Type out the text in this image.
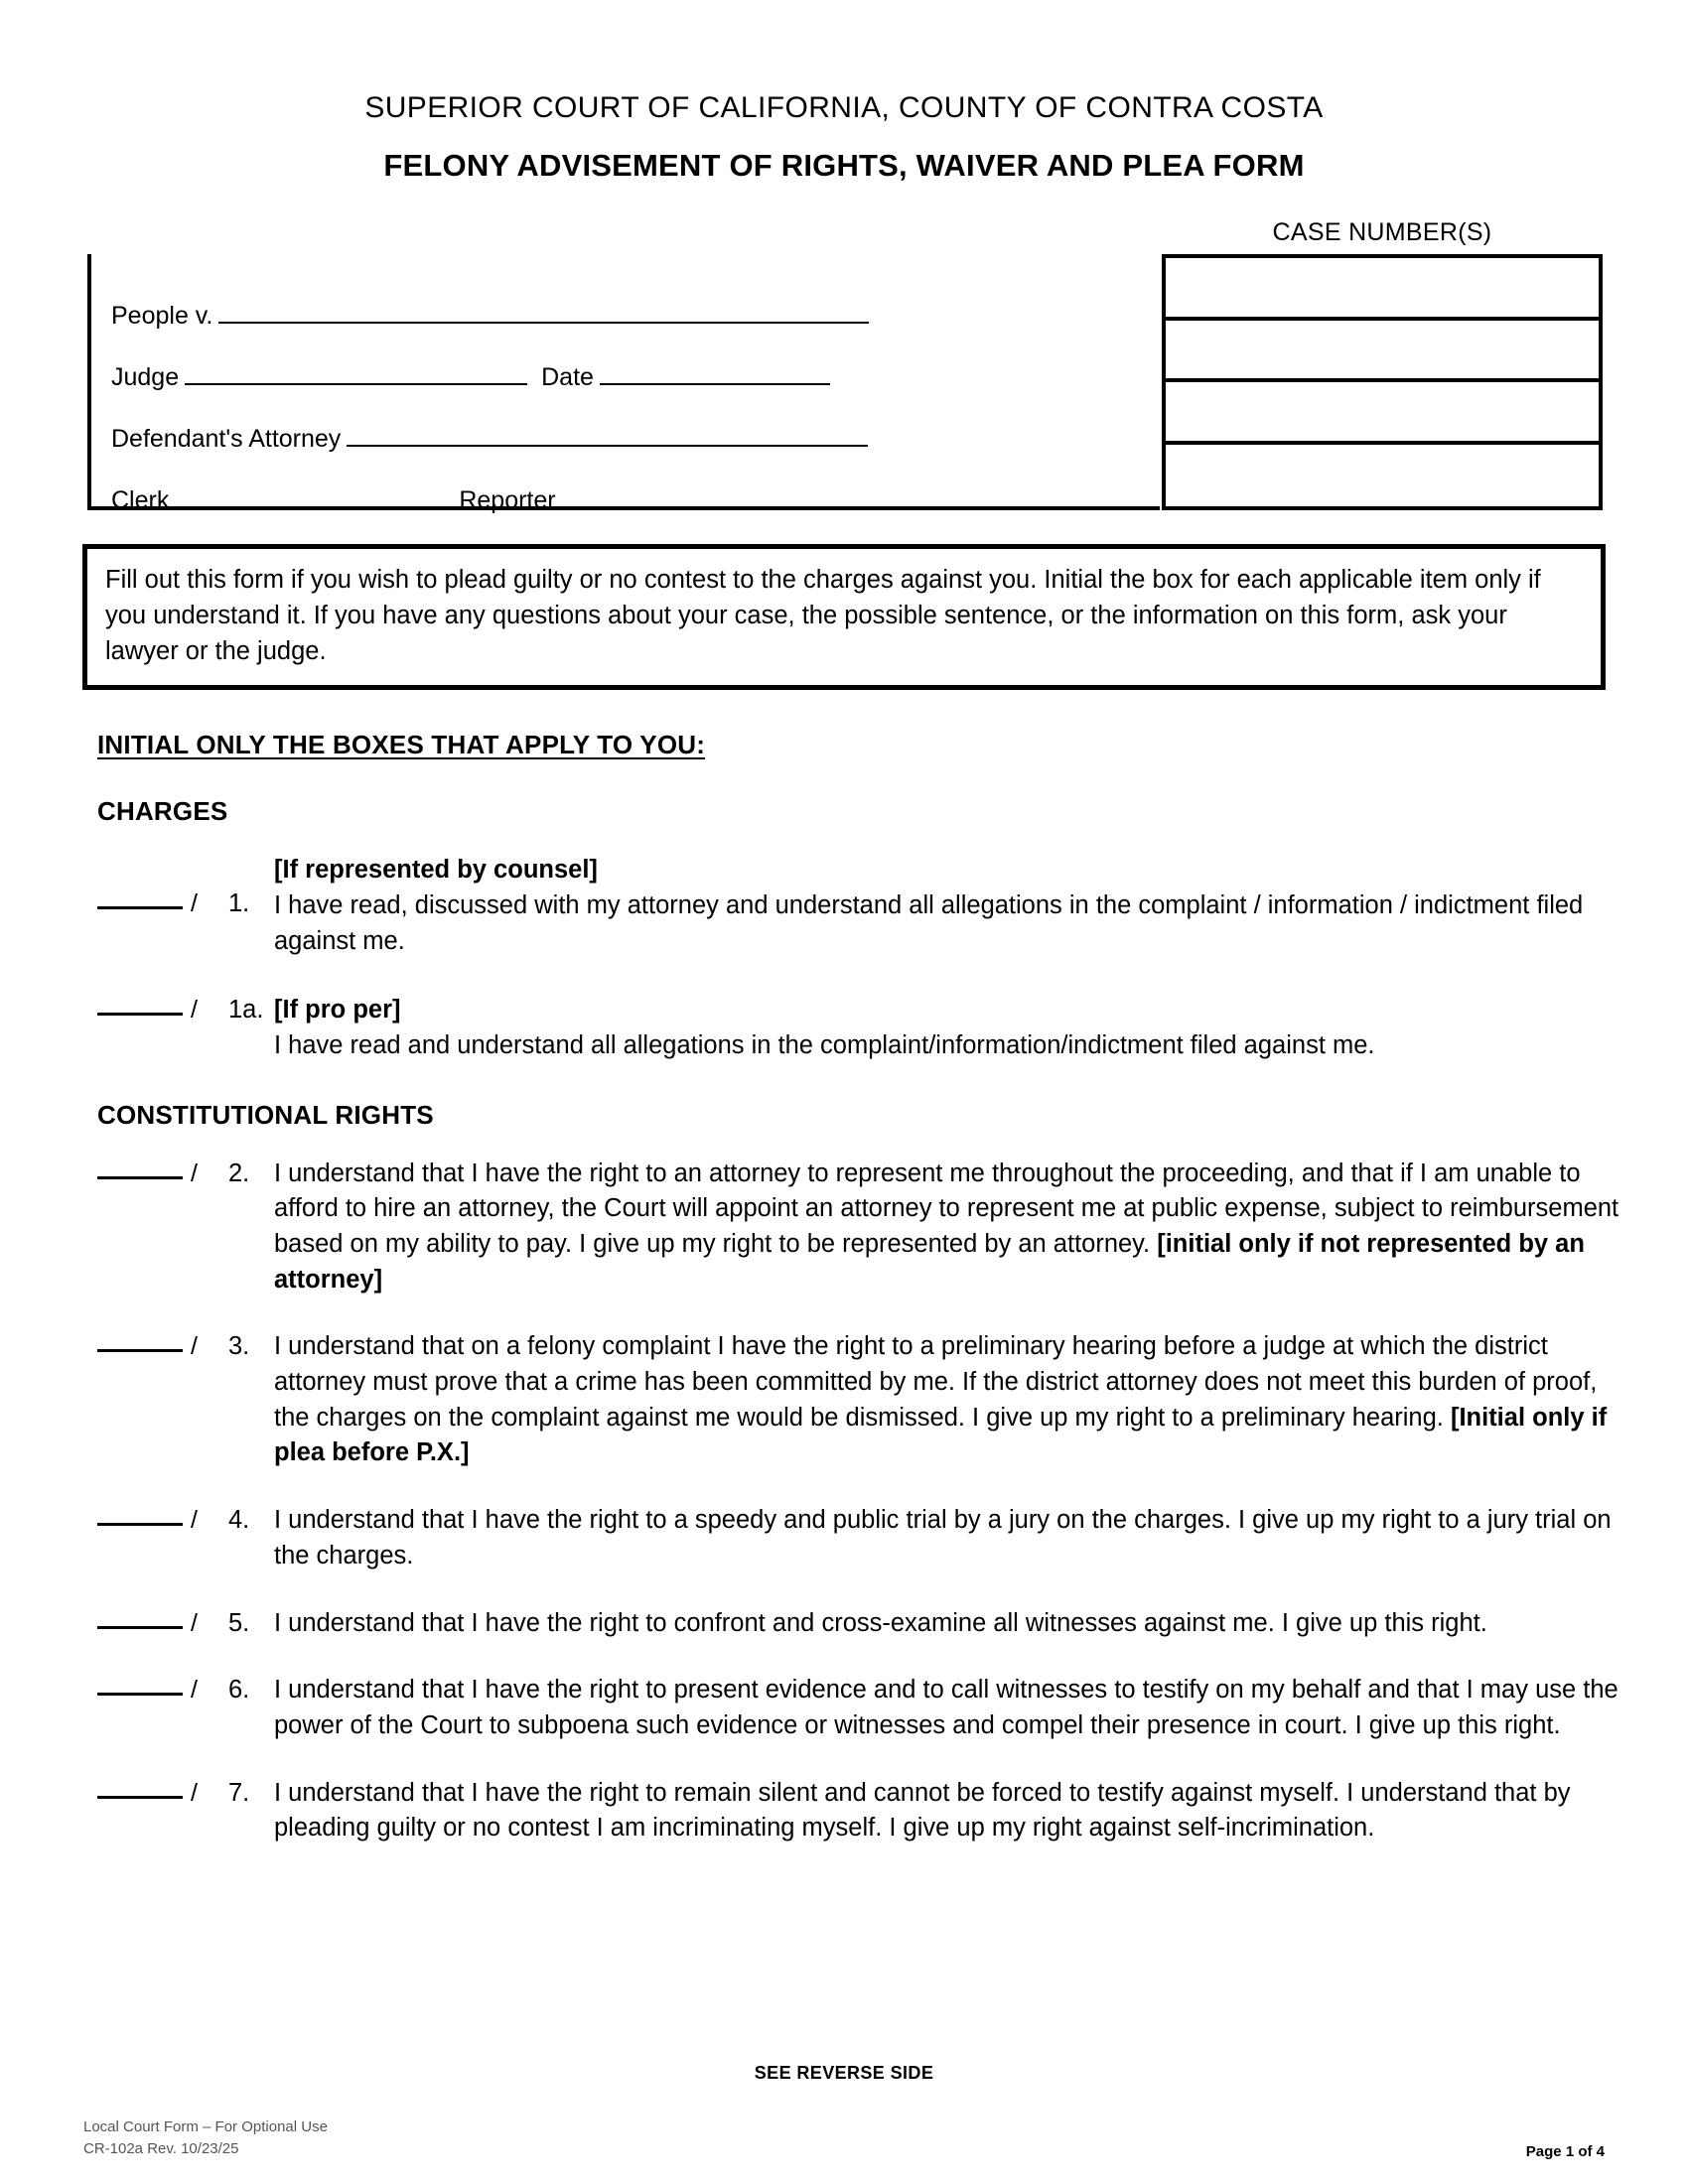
SUPERIOR COURT OF CALIFORNIA, COUNTY OF CONTRA COSTA
FELONY ADVISEMENT OF RIGHTS, WAIVER AND PLEA FORM
CASE NUMBER(S)
People v.
Judge	Date
Defendant's Attorney
Clerk	Reporter
Fill out this form if you wish to plead guilty or no contest to the charges against you. Initial the box for each applicable item only if you understand it. If you have any questions about your case, the possible sentence, or the information on this form, ask your lawyer or the judge.
INITIAL ONLY THE BOXES THAT APPLY TO YOU:
CHARGES
/	1.
[If represented by counsel]
I have read, discussed with my attorney and understand all allegations in the complaint / information / indictment filed against me.
/	1a. [If pro per]
I have read and understand all allegations in the complaint/information/indictment filed against me.
CONSTITUTIONAL RIGHTS
/	2. I understand that I have the right to an attorney to represent me throughout the proceeding, and that if I am unable to afford to hire an attorney, the Court will appoint an attorney to represent me at public expense, subject to reimbursement based on my ability to pay. I give up my right to be represented by an attorney. [initial only if not represented by an attorney]
/	3. I understand that on a felony complaint I have the right to a preliminary hearing before a judge at which the district attorney must prove that a crime has been committed by me. If the district attorney does not meet this burden of proof, the charges on the complaint against me would be dismissed. I give up my right to a preliminary hearing. [Initial only if plea before P.X.]
/	4. I understand that I have the right to a speedy and public trial by a jury on the charges. I give up my right to a jury trial on the charges.
/	5. I understand that I have the right to confront and cross-examine all witnesses against me. I give up this right.
/	6. I understand that I have the right to present evidence and to call witnesses to testify on my behalf and that I may use the power of the Court to subpoena such evidence or witnesses and compel their presence in court. I give up this right.
/	7. I understand that I have the right to remain silent and cannot be forced to testify against myself. I understand that by pleading guilty or no contest I am incriminating myself. I give up my right against self-incrimination.
SEE REVERSE SIDE
Local Court Form – For Optional Use
CR-102a Rev. 10/23/25	Page 1 of 4
